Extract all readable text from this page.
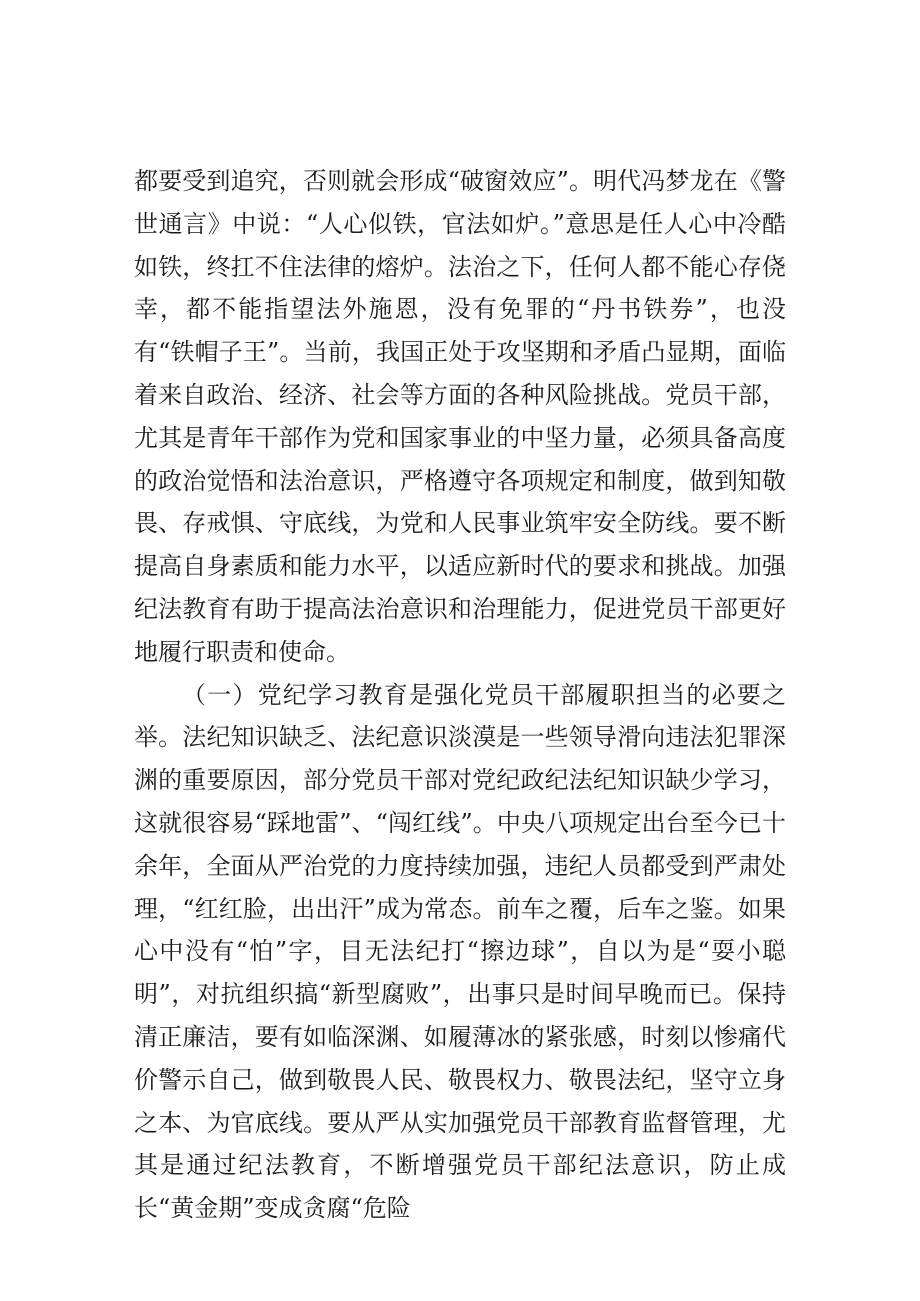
都要受到追究，否则就会形成“破窗效应”。明代冯梦龙在《警世通言》中说：“人心似铁，官法如炉。”意思是任人心中冷酷如铁，终扛不住法律的熔炉。法治之下，任何人都不能心存侥幸，都不能指望法外施恩，没有免罪的“丹书铁券”，也没有“铁帽子王”。当前，我国正处于攻坚期和矛盾凸显期，面临着来自政治、经济、社会等方面的各种风险挑战。党员干部，尤其是青年干部作为党和国家事业的中坚力量，必须具备高度的政治觉悟和法治意识，严格遵守各项规定和制度，做到知敬畏、存戒惧、守底线，为党和人民事业筑牢安全防线。要不断提高自身素质和能力水平，以适应新时代的要求和挑战。加强纪法教育有助于提高法治意识和治理能力，促进党员干部更好地履行职责和使命。

（一）党纪学习教育是强化党员干部履职担当的必要之举。法纪知识缺乏、法纪意识淡漠是一些领导滑向违法犯罪深渊的重要原因，部分党员干部对党纪政纪法纪知识缺少学习，这就很容易“踩地雷”、“闯红线”。中央八项规定出台至今已十余年，全面从严治党的力度持续加强，违纪人员都受到严肃处理，“红红脸，出出汗”成为常态。前车之覆，后车之鉴。如果心中没有“怕”字，目无法纪打“擦边球”，自以为是“耍小聪明”，对抗组织搞“新型腐败”，出事只是时间早晚而已。保持清正廉洁，要有如临深渊、如履薄冰的紧张感，时刻以惨痛代价警示自己，做到敬畏人民、敬畏权力、敬畏法纪，坚守立身之本、为官底线。要从严从实加强党员干部教育监督管理，尤其是通过纪法教育，不断增强党员干部纪法意识，防止成长“黄金期”变成贪腐“危险
